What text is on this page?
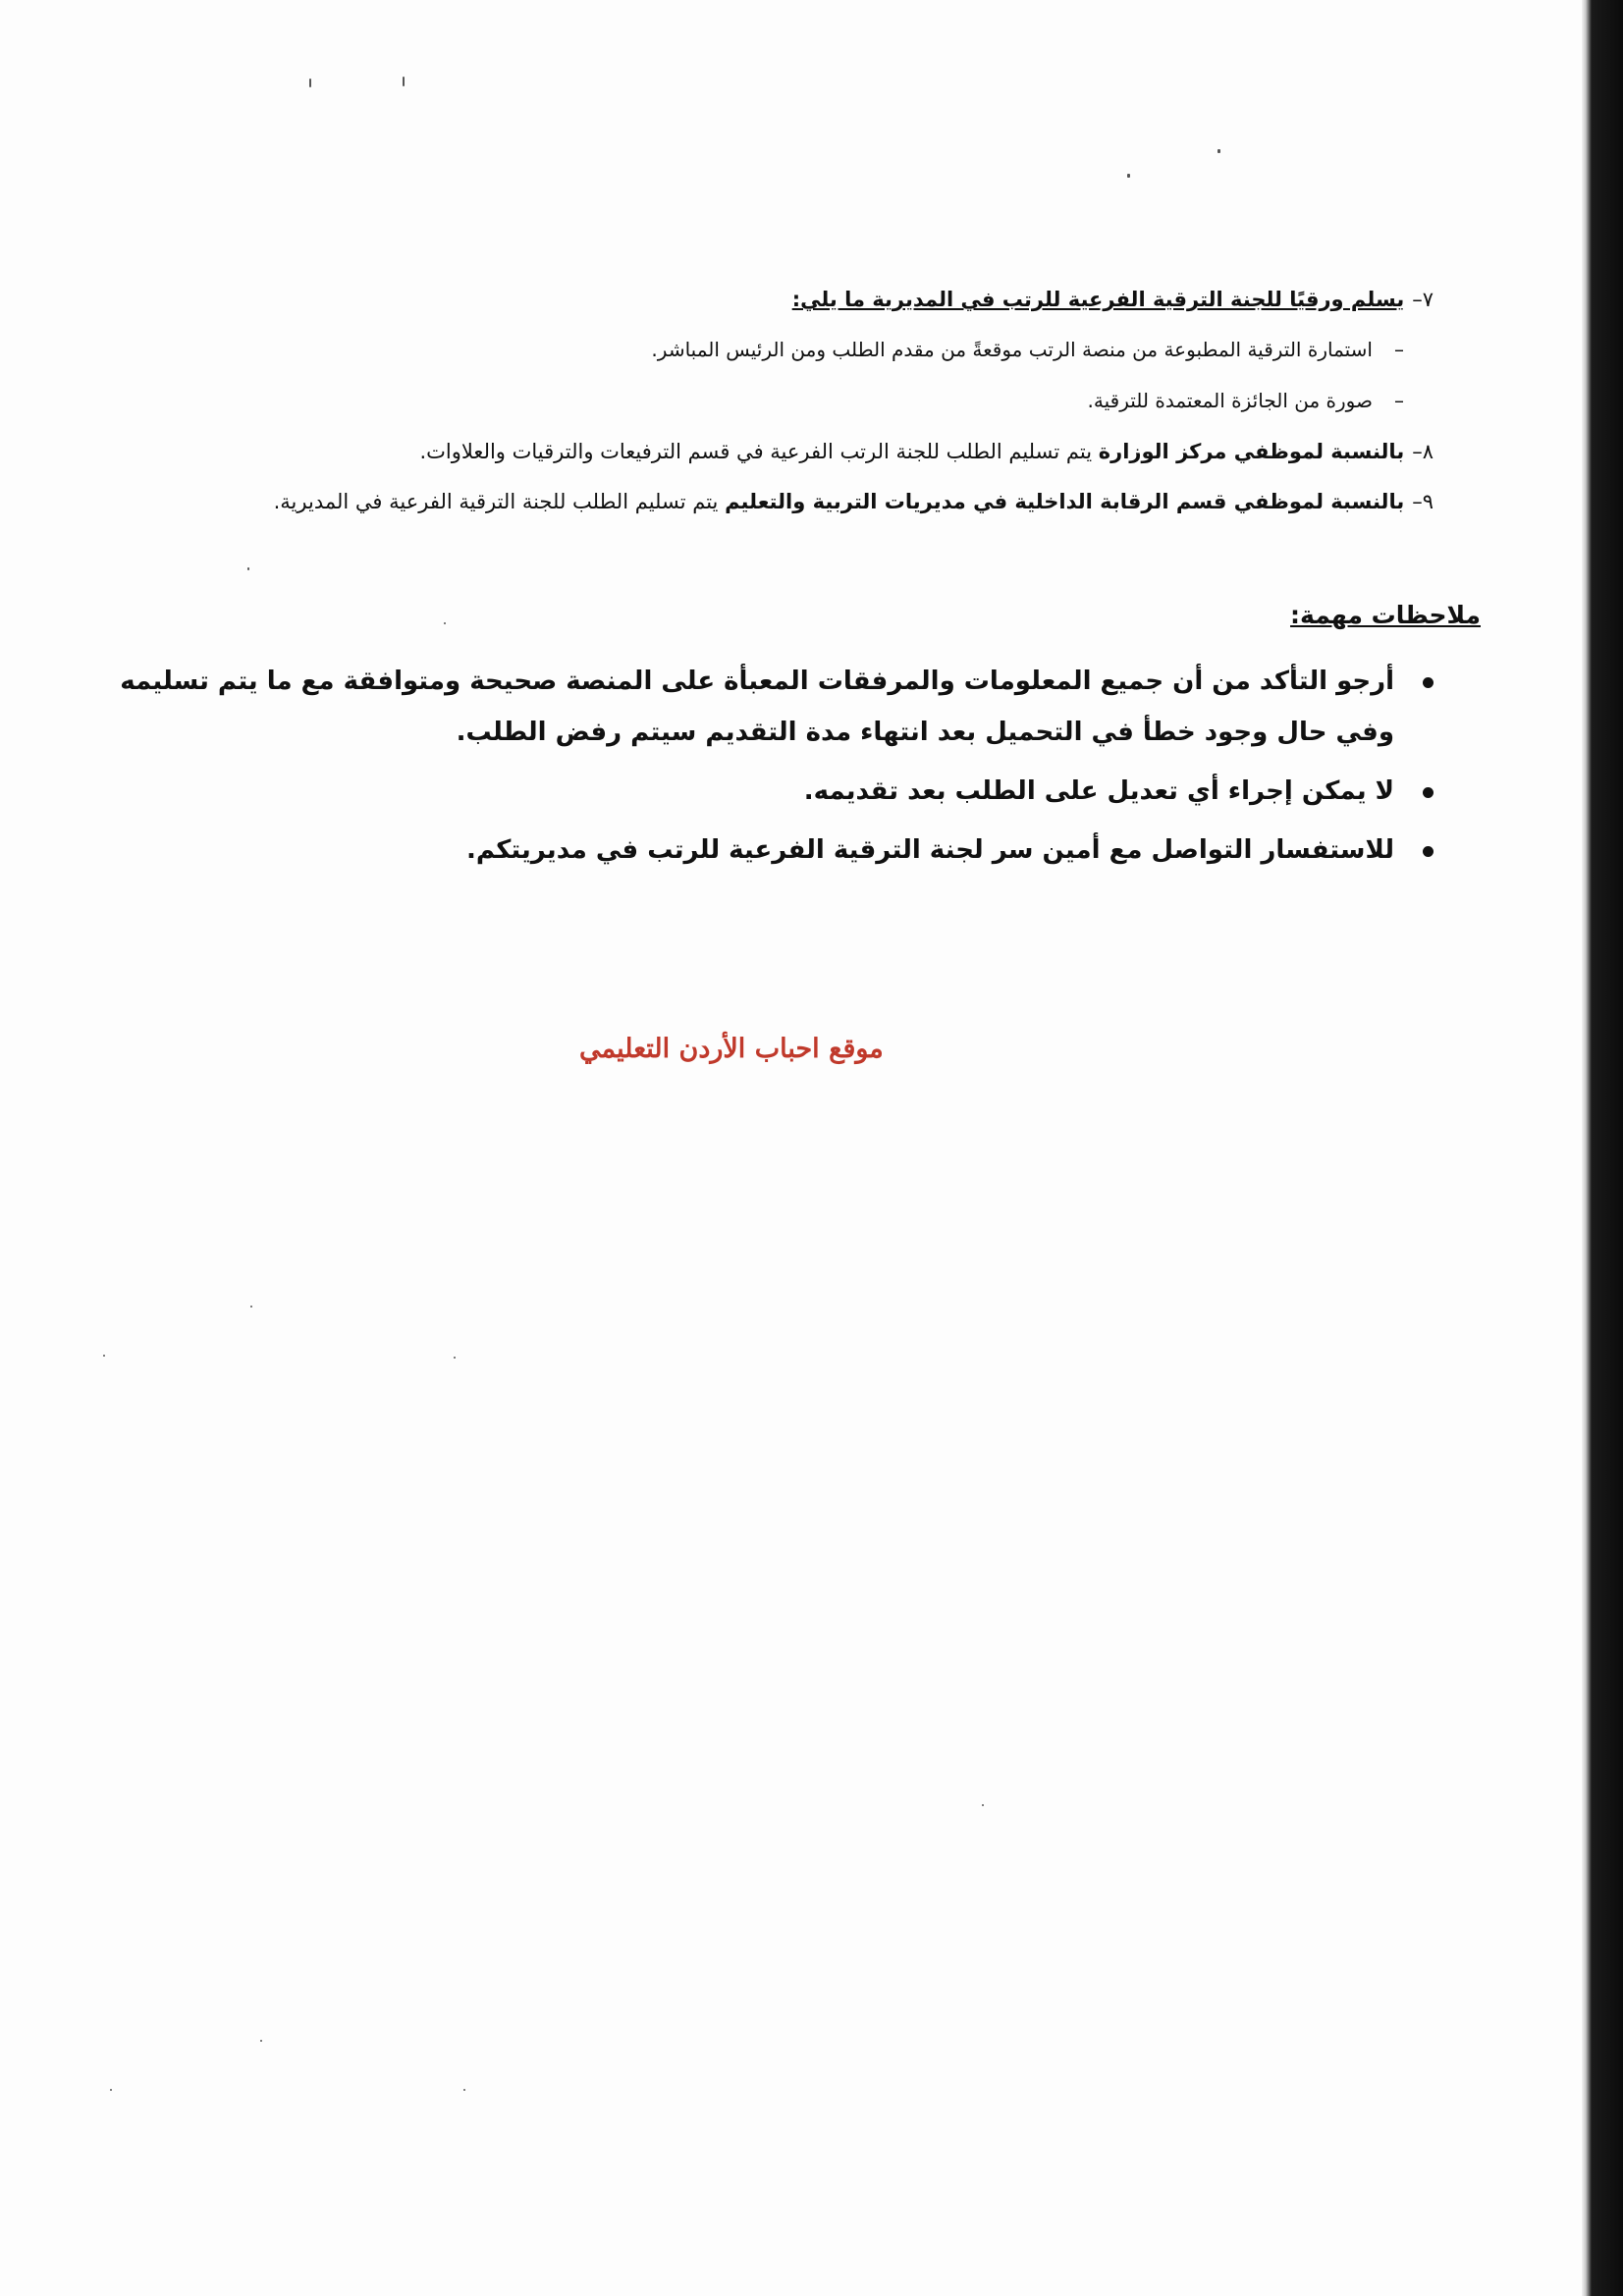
٧–يسلم ورقيًا للجنة الترقية الفرعية للرتب في المديرية ما يلي:
–استمارة الترقية المطبوعة من منصة الرتب موقعةً من مقدم الطلب ومن الرئيس المباشر.
–صورة من الجائزة المعتمدة للترقية.
٨–بالنسبة لموظفي مركز الوزارة يتم تسليم الطلب للجنة الرتب الفرعية في قسم الترفيعات والترقيات والعلاوات.
٩–بالنسبة لموظفي قسم الرقابة الداخلية في مديريات التربية والتعليم يتم تسليم الطلب للجنة الترقية الفرعية في المديرية.
ملاحظات مهمة:
أرجو التأكد من أن جميع المعلومات والمرفقات المعبأة على المنصة صحيحة ومتوافقة مع ما يتم تسليمه وفي حال وجود خطأ في التحميل بعد انتهاء مدة التقديم سيتم رفض الطلب.
لا يمكن إجراء أي تعديل على الطلب بعد تقديمه.
للاستفسار التواصل مع أمين سر لجنة الترقية الفرعية للرتب في مديريتكم.
موقع احباب الأردن التعليمي
